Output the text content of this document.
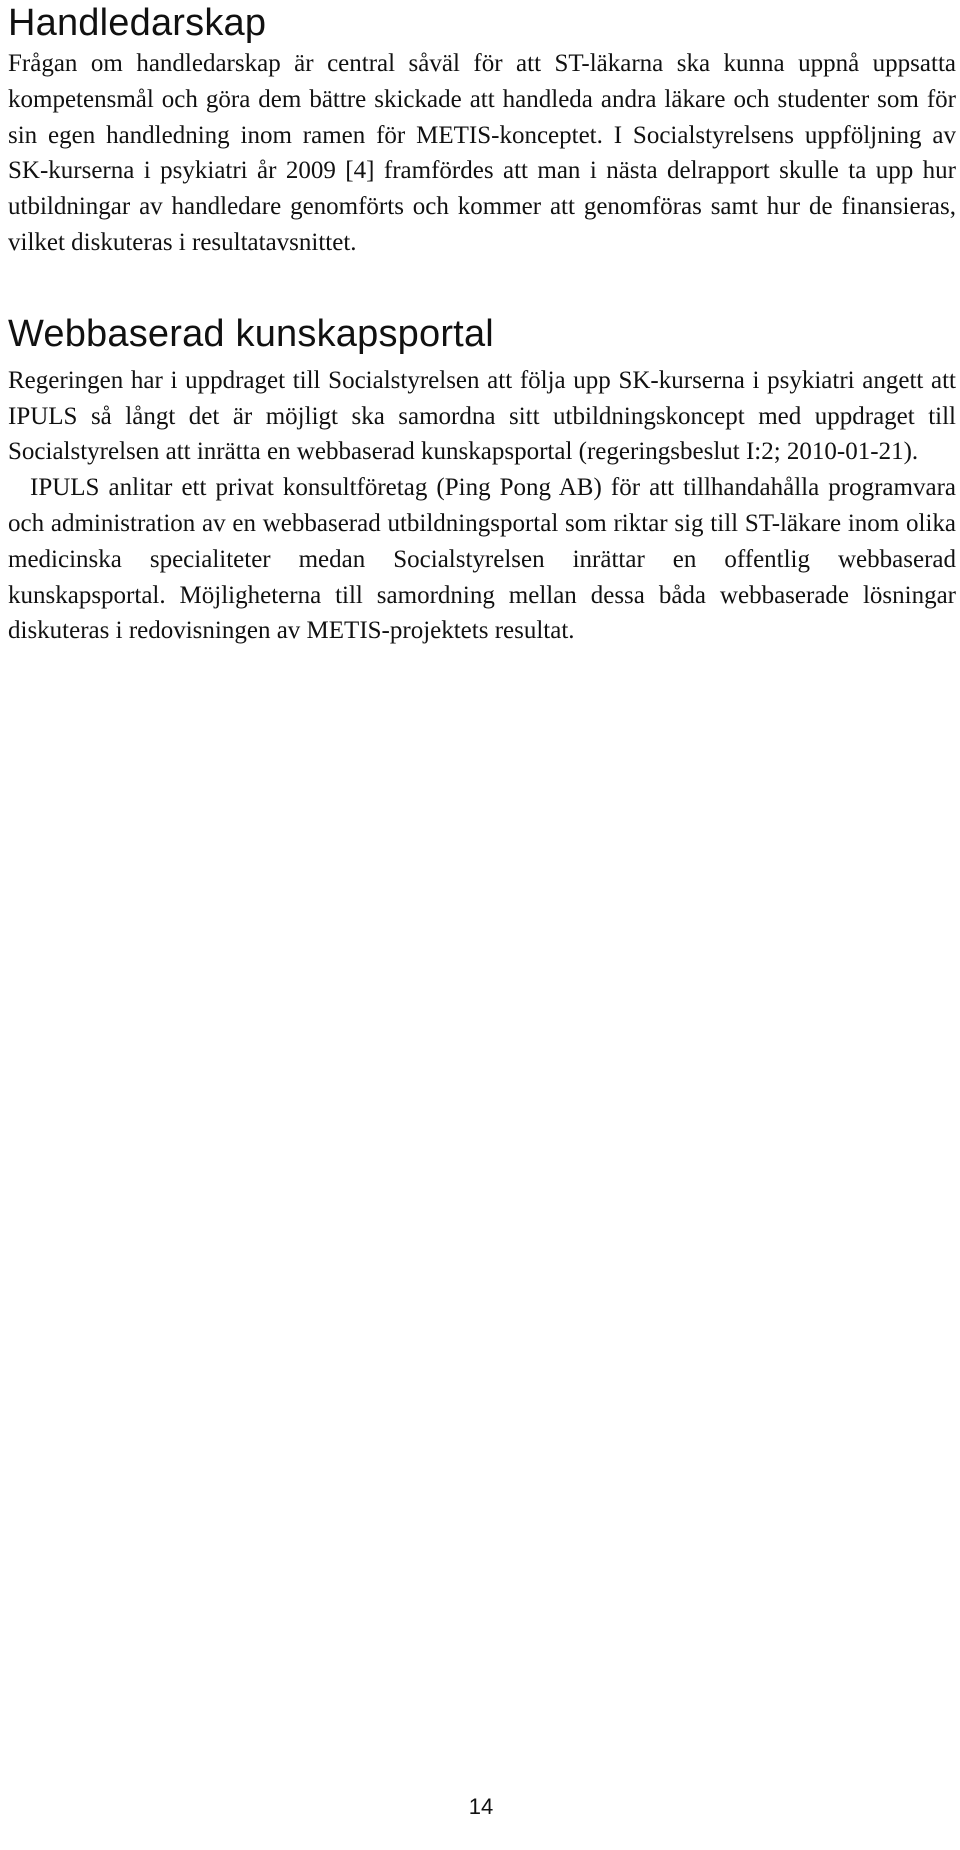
Handledarskap

Frågan om handledarskap är central såväl för att ST-läkarna ska kunna uppnå uppsatta kompetensmål och göra dem bättre skickade att handleda andra läkare och studenter som för sin egen handledning inom ramen för METIS-konceptet. I Socialstyrelsens uppföljning av SK-kurserna i psykiatri år 2009 [4] framfördes att man i nästa delrapport skulle ta upp hur utbildningar av handledare genomförts och kommer att genomföras samt hur de finansieras, vilket diskuteras i resultatavsnittet.

Webbaserad kunskapsportal

Regeringen har i uppdraget till Socialstyrelsen att följa upp SK-kurserna i psykiatri angett att IPULS så långt det är möjligt ska samordna sitt utbildningskoncept med uppdraget till Socialstyrelsen att inrätta en webbaserad kunskapsportal (regeringsbeslut I:2; 2010-01-21).

IPULS anlitar ett privat konsultföretag (Ping Pong AB) för att tillhandahålla programvara och administration av en webbaserad utbildningsportal som riktar sig till ST-läkare inom olika medicinska specialiteter medan Socialstyrelsen inrättar en offentlig webbaserad kunskapsportal. Möjligheterna till samordning mellan dessa båda webbaserade lösningar diskuteras i redovisningen av METIS-projektets resultat.

14
